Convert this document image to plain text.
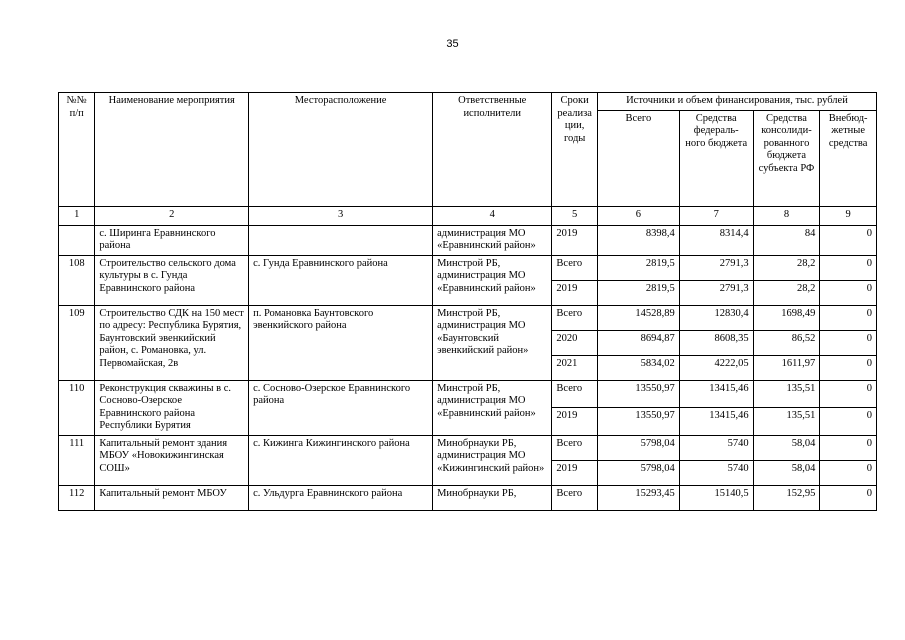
35
№№ п/п	Наименование мероприятия	Месторасположение	Ответственные исполнители	Сроки реализа ции, годы	Источники и объем финансирования, тыс. рублей			
					Всего	Средства федераль- ного бюджета	Средства консолиди- рованного бюджета субъекта РФ	Внебюд- жетные средства
1	2	3	4	5	6	7	8	9
	с. Ширинга Еравнинского района		администрация МО «Еравнинский район»	2019	8398,4	8314,4	84	0
108	Строительство сельского дома культуры в с. Гунда Еравнинского района	с. Гунда Еравнинского района	Минстрой РБ, администрация МО «Еравнинский район»	Всего	2819,5	2791,3	28,2	0
				2019	2819,5	2791,3	28,2	0
109	Строительство СДК на 150 мест по адресу: Республика Бурятия, Баунтовский эвенкийский район, с. Романовка, ул. Первомайская, 2в	п. Романовка Баунтовского эвенкийского района	Минстрой РБ, администрация МО «Баунтовский эвенкийский район»	Всего	14528,89	12830,4	1698,49	0
				2020	8694,87	8608,35	86,52	0
				2021	5834,02	4222,05	1611,97	0
110	Реконструкция скважины в с. Сосново-Озерское Еравнинского района Республики Бурятия	с. Сосново-Озерское Еравнинского района	Минстрой РБ, администрация МО «Еравнинский район»	Всего	13550,97	13415,46	135,51	0
				2019	13550,97	13415,46	135,51	0
111	Капитальный ремонт здания МБОУ «Новокижингинская СОШ»	с. Кижинга Кижингинского района	Минобрнауки РБ, администрация МО «Кижингинский район»	Всего	5798,04	5740	58,04	0
				2019	5798,04	5740	58,04	0
112	Капитальный ремонт МБОУ	с. Ульдурга Еравнинского района	Минобрнауки РБ,	Всего	15293,45	15140,5	152,95	0
